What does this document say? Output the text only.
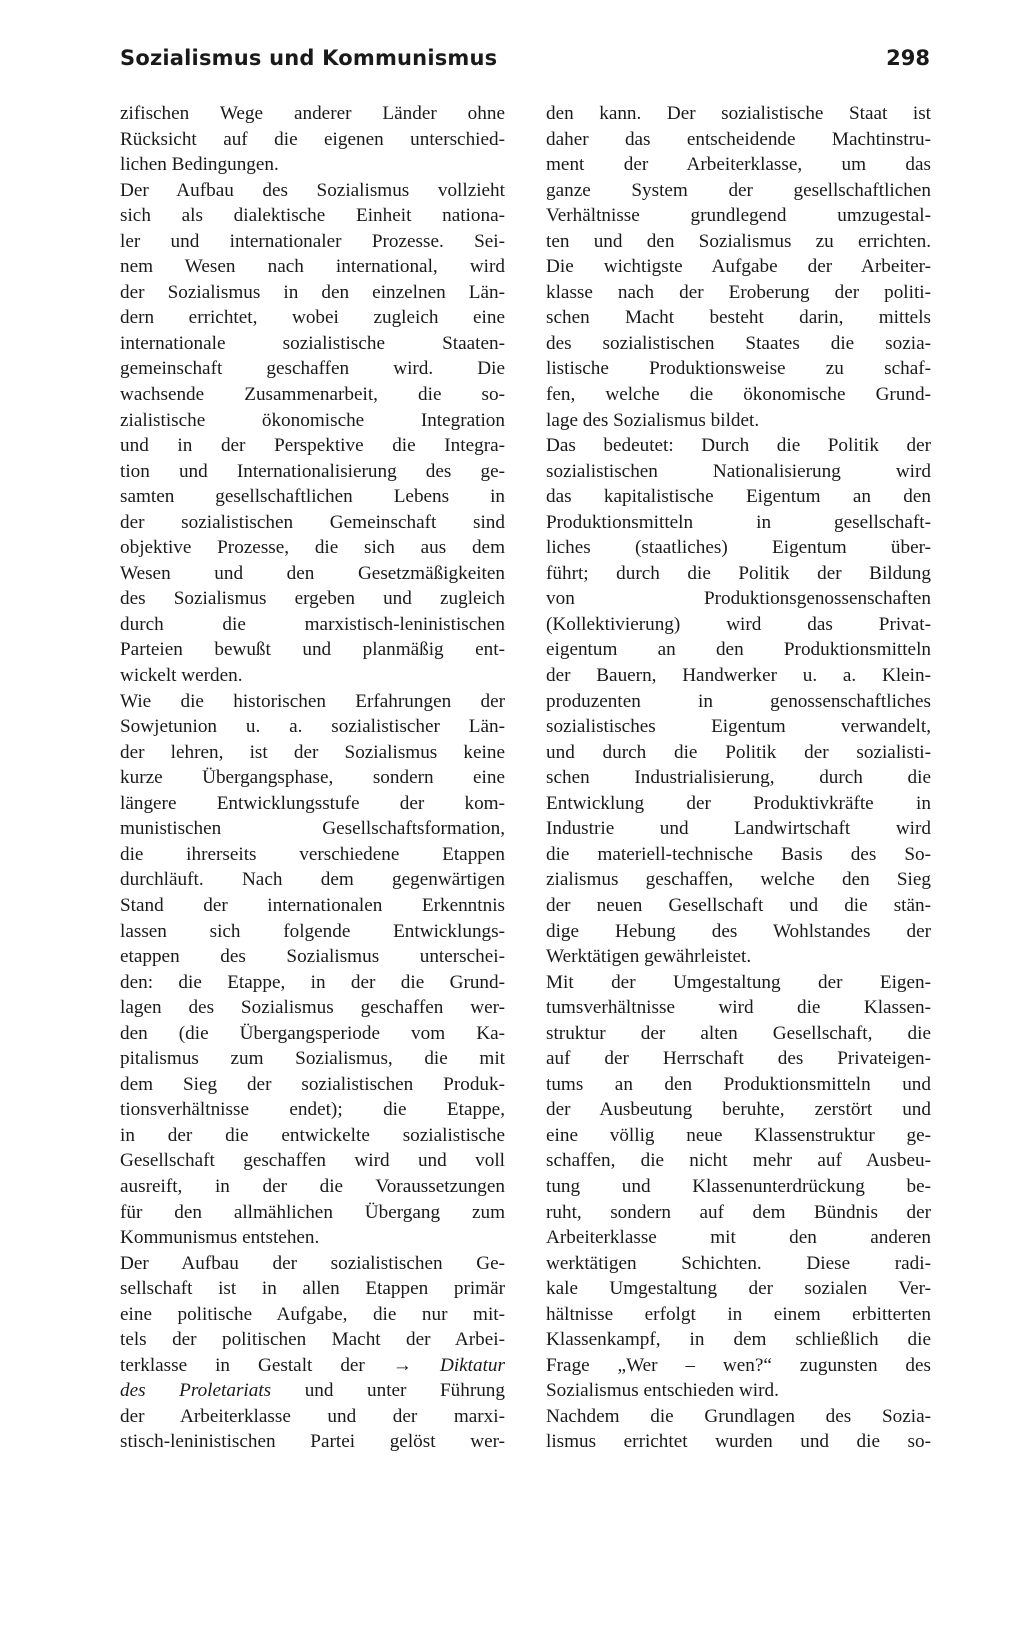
Sozialismus und Kommunismus	298
zifischen Wege anderer Länder ohne
Rücksicht auf die eigenen unterschied-
lichen Bedingungen.
Der Aufbau des Sozialismus vollzieht
sich als dialektische Einheit nationa-
ler und internationaler Prozesse. Sei-
nem Wesen nach international, wird
der Sozialismus in den einzelnen Län-
dern errichtet, wobei zugleich eine
internationale sozialistische Staaten-
gemeinschaft geschaffen wird. Die
wachsende Zusammenarbeit, die so-
zialistische ökonomische Integration
und in der Perspektive die Integra-
tion und Internationalisierung des ge-
samten gesellschaftlichen Lebens in
der sozialistischen Gemeinschaft sind
objektive Prozesse, die sich aus dem
Wesen und den Gesetzmäßigkeiten
des Sozialismus ergeben und zugleich
durch die marxistisch-leninistischen
Parteien bewußt und planmäßig ent-
wickelt werden.
Wie die historischen Erfahrungen der
Sowjetunion u. a. sozialistischer Län-
der lehren, ist der Sozialismus keine
kurze Übergangsphase, sondern eine
längere Entwicklungsstufe der kom-
munistischen Gesellschaftsformation,
die ihrerseits verschiedene Etappen
durchläuft. Nach dem gegenwärtigen
Stand der internationalen Erkenntnis
lassen sich folgende Entwicklungs-
etappen des Sozialismus unterschei-
den: die Etappe, in der die Grund-
lagen des Sozialismus geschaffen wer-
den (die Übergangsperiode vom Ka-
pitalismus zum Sozialismus, die mit
dem Sieg der sozialistischen Produk-
tionsverhältnisse endet); die Etappe,
in der die entwickelte sozialistische
Gesellschaft geschaffen wird und voll
ausreift, in der die Voraussetzungen
für den allmählichen Übergang zum
Kommunismus entstehen.
Der Aufbau der sozialistischen Ge-
sellschaft ist in allen Etappen primär
eine politische Aufgabe, die nur mit-
tels der politischen Macht der Arbei-
terklasse in Gestalt der → Diktatur
des Proletariats und unter Führung
der Arbeiterklasse und der marxi-
stisch-leninistischen Partei gelöst wer-
den kann. Der sozialistische Staat ist
daher das entscheidende Machtinstru-
ment der Arbeiterklasse, um das
ganze System der gesellschaftlichen
Verhältnisse grundlegend umzugestal-
ten und den Sozialismus zu errichten.
Die wichtigste Aufgabe der Arbeiter-
klasse nach der Eroberung der politi-
schen Macht besteht darin, mittels
des sozialistischen Staates die sozia-
listische Produktionsweise zu schaf-
fen, welche die ökonomische Grund-
lage des Sozialismus bildet.
Das bedeutet: Durch die Politik der
sozialistischen Nationalisierung wird
das kapitalistische Eigentum an den
Produktionsmitteln in gesellschaft-
liches (staatliches) Eigentum über-
führt; durch die Politik der Bildung
von Produktionsgenossenschaften
(Kollektivierung) wird das Privat-
eigentum an den Produktionsmitteln
der Bauern, Handwerker u. a. Klein-
produzenten in genossenschaftliches
sozialistisches Eigentum verwandelt,
und durch die Politik der sozialisti-
schen Industrialisierung, durch die
Entwicklung der Produktivkräfte in
Industrie und Landwirtschaft wird
die materiell-technische Basis des So-
zialismus geschaffen, welche den Sieg
der neuen Gesellschaft und die stän-
dige Hebung des Wohlstandes der
Werktätigen gewährleistet.
Mit der Umgestaltung der Eigen-
tumsverhältnisse wird die Klassen-
struktur der alten Gesellschaft, die
auf der Herrschaft des Privateigen-
tums an den Produktionsmitteln und
der Ausbeutung beruhte, zerstört und
eine völlig neue Klassenstruktur ge-
schaffen, die nicht mehr auf Ausbeu-
tung und Klassenunterdrückung be-
ruht, sondern auf dem Bündnis der
Arbeiterklasse mit den anderen
werktätigen Schichten. Diese radi-
kale Umgestaltung der sozialen Ver-
hältnisse erfolgt in einem erbitterten
Klassenkampf, in dem schließlich die
Frage „Wer – wen?“ zugunsten des
Sozialismus entschieden wird.
Nachdem die Grundlagen des Sozia-
lismus errichtet wurden und die so-
